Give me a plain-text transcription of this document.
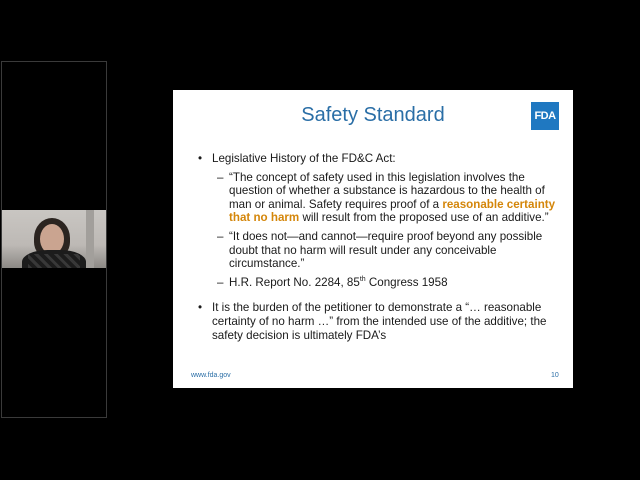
Safety Standard	FDA
• Legislative History of the FD&C Act:
– “The concept of safety used in this legislation involves the question of whether a substance is hazardous to the health of man or animal. Safety requires proof of a reasonable certainty that no harm will result from the proposed use of an additive.”
– “It does not—and cannot—require proof beyond any possible doubt that no harm will result under any conceivable circumstance.”
– H.R. Report No. 2284, 85th Congress 1958
• It is the burden of the petitioner to demonstrate a “… reasonable certainty of no harm …” from the intended use of the additive; the safety decision is ultimately FDA’s
www.fda.gov	10
